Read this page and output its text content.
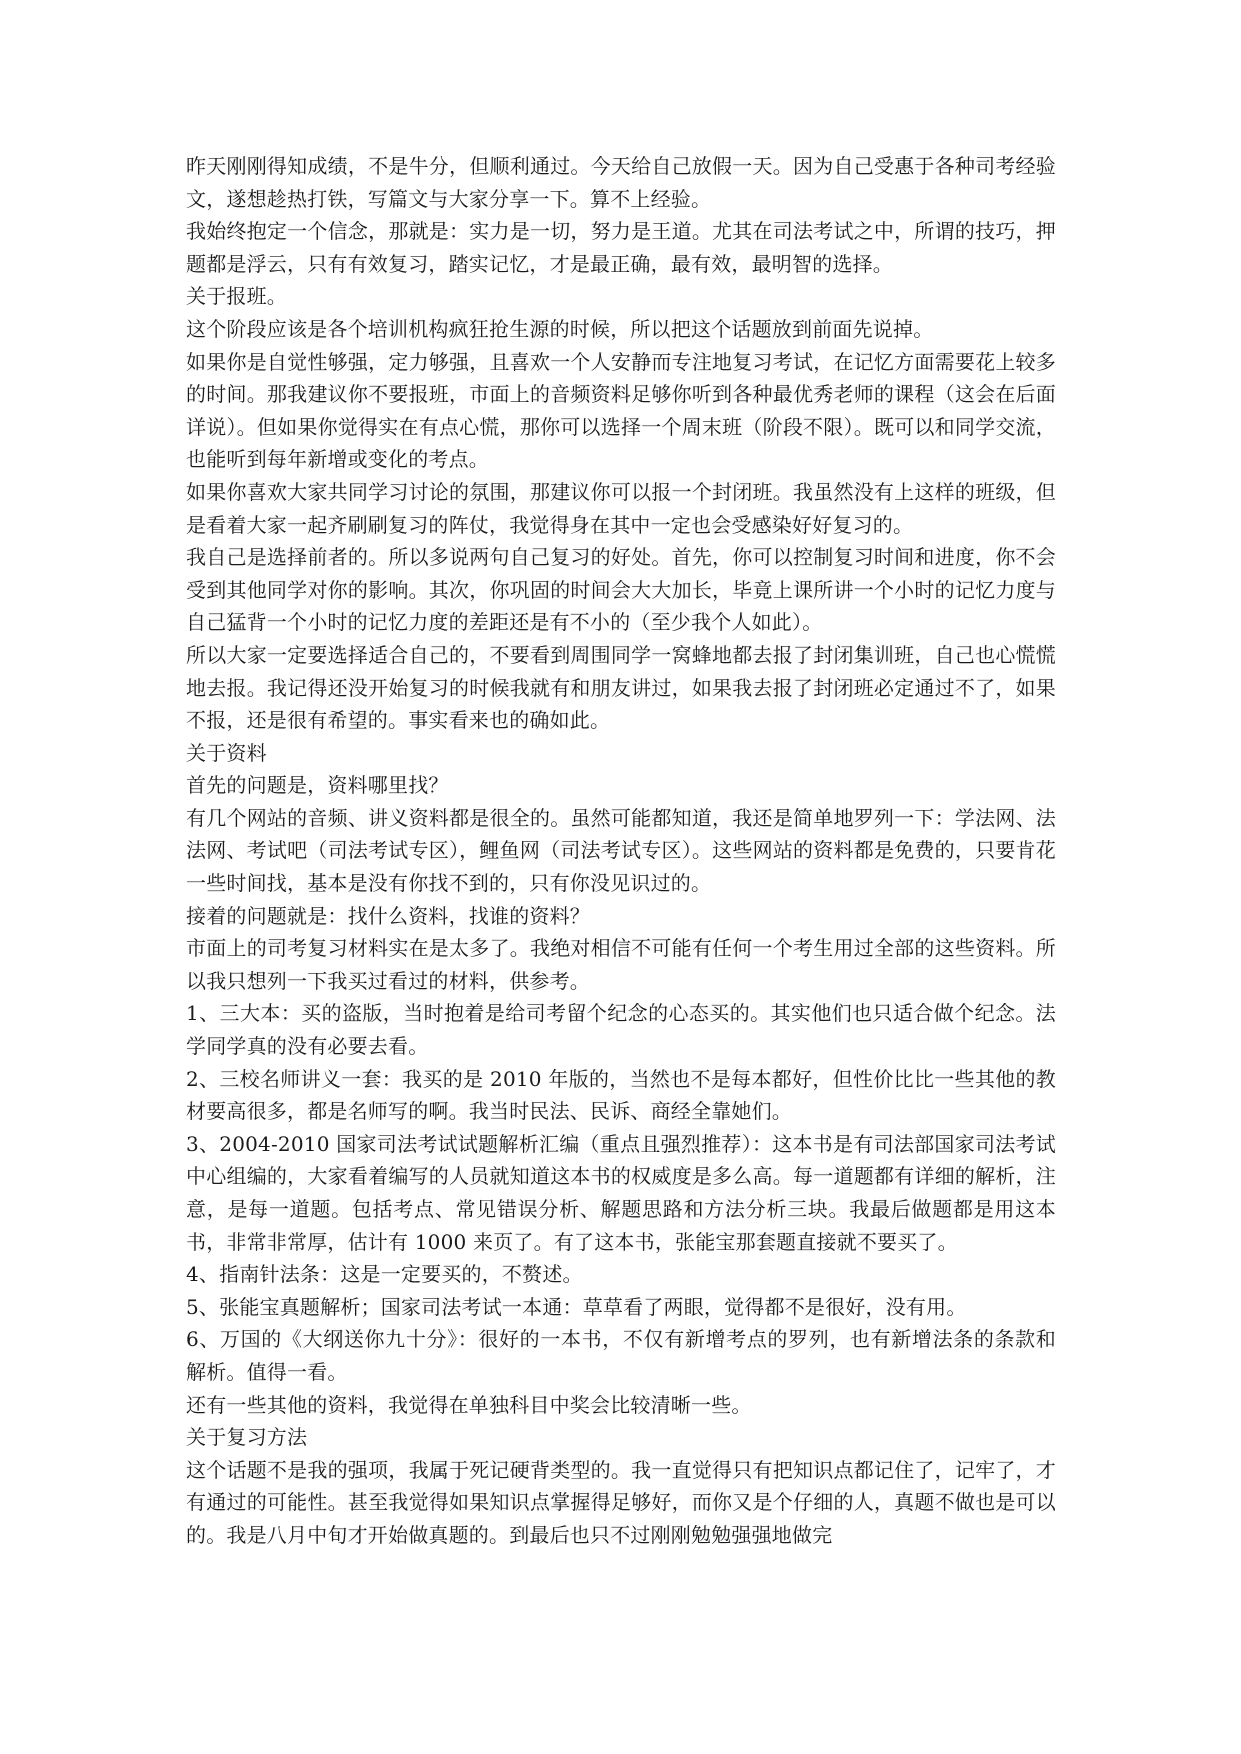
昨天刚刚得知成绩，不是牛分，但顺利通过。今天给自己放假一天。因为自己受惠于各种司考经验文，遂想趁热打铁，写篇文与大家分享一下。算不上经验。

我始终抱定一个信念，那就是：实力是一切，努力是王道。尤其在司法考试之中，所谓的技巧，押题都是浮云，只有有效复习，踏实记忆，才是最正确，最有效，最明智的选择。

关于报班。

这个阶段应该是各个培训机构疯狂抢生源的时候，所以把这个话题放到前面先说掉。

如果你是自觉性够强，定力够强，且喜欢一个人安静而专注地复习考试，在记忆方面需要花上较多的时间。那我建议你不要报班，市面上的音频资料足够你听到各种最优秀老师的课程（这会在后面详说）。但如果你觉得实在有点心慌，那你可以选择一个周末班（阶段不限）。既可以和同学交流，也能听到每年新增或变化的考点。

如果你喜欢大家共同学习讨论的氛围，那建议你可以报一个封闭班。我虽然没有上这样的班级，但是看着大家一起齐刷刷复习的阵仗，我觉得身在其中一定也会受感染好好复习的。

我自己是选择前者的。所以多说两句自己复习的好处。首先，你可以控制复习时间和进度，你不会受到其他同学对你的影响。其次，你巩固的时间会大大加长，毕竟上课所讲一个小时的记忆力度与自己猛背一个小时的记忆力度的差距还是有不小的（至少我个人如此）。

所以大家一定要选择适合自己的，不要看到周围同学一窝蜂地都去报了封闭集训班，自己也心慌慌地去报。我记得还没开始复习的时候我就有和朋友讲过，如果我去报了封闭班必定通过不了，如果不报，还是很有希望的。事实看来也的确如此。

关于资料

首先的问题是，资料哪里找？

有几个网站的音频、讲义资料都是很全的。虽然可能都知道，我还是简单地罗列一下：学法网、法法网、考试吧（司法考试专区），鲤鱼网（司法考试专区）。这些网站的资料都是免费的，只要肯花一些时间找，基本是没有你找不到的，只有你没见识过的。

接着的问题就是：找什么资料，找谁的资料？

市面上的司考复习材料实在是太多了。我绝对相信不可能有任何一个考生用过全部的这些资料。所以我只想列一下我买过看过的材料，供参考。

1、三大本：买的盗版，当时抱着是给司考留个纪念的心态买的。其实他们也只适合做个纪念。法学同学真的没有必要去看。

2、三校名师讲义一套：我买的是 2010 年版的，当然也不是每本都好，但性价比比一些其他的教材要高很多，都是名师写的啊。我当时民法、民诉、商经全靠她们。

3、2004-2010 国家司法考试试题解析汇编（重点且强烈推荐）：这本书是有司法部国家司法考试中心组编的，大家看着编写的人员就知道这本书的权威度是多么高。每一道题都有详细的解析，注意，是每一道题。包括考点、常见错误分析、解题思路和方法分析三块。我最后做题都是用这本书，非常非常厚，估计有 1000 来页了。有了这本书，张能宝那套题直接就不要买了。

4、指南针法条：这是一定要买的，不赘述。

5、张能宝真题解析；国家司法考试一本通：草草看了两眼，觉得都不是很好，没有用。

6、万国的《大纲送你九十分》：很好的一本书，不仅有新增考点的罗列，也有新增法条的条款和解析。值得一看。

还有一些其他的资料，我觉得在单独科目中奖会比较清晰一些。

关于复习方法

这个话题不是我的强项，我属于死记硬背类型的。我一直觉得只有把知识点都记住了，记牢了，才有通过的可能性。甚至我觉得如果知识点掌握得足够好，而你又是个仔细的人，真题不做也是可以的。我是八月中旬才开始做真题的。到最后也只不过刚刚勉勉强强地做完
